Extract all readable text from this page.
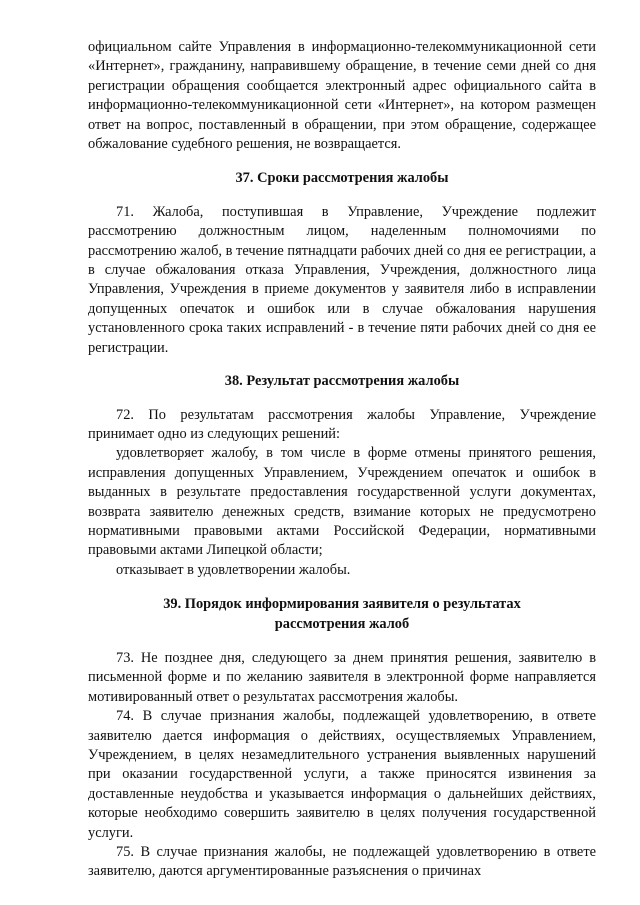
официальном сайте Управления в информационно-телекоммуникационной сети «Интернет», гражданину, направившему обращение, в течение семи дней со дня регистрации обращения сообщается электронный адрес официального сайта в информационно-телекоммуникационной сети «Интернет», на котором размещен ответ на вопрос, поставленный в обращении, при этом обращение, содержащее обжалование судебного решения, не возвращается.

37. Сроки рассмотрения жалобы

71. Жалоба, поступившая в Управление, Учреждение подлежит рассмотрению должностным лицом, наделенным полномочиями по рассмотрению жалоб, в течение пятнадцати рабочих дней со дня ее регистрации, а в случае обжалования отказа Управления, Учреждения, должностного лица Управления, Учреждения в приеме документов у заявителя либо в исправлении допущенных опечаток и ошибок или в случае обжалования нарушения установленного срока таких исправлений - в течение пяти рабочих дней со дня ее регистрации.

38. Результат рассмотрения жалобы

72. По результатам рассмотрения жалобы Управление, Учреждение принимает одно из следующих решений:

удовлетворяет жалобу, в том числе в форме отмены принятого решения, исправления допущенных Управлением, Учреждением опечаток и ошибок в выданных в результате предоставления государственной услуги документах, возврата заявителю денежных средств, взимание которых не предусмотрено нормативными правовыми актами Российской Федерации, нормативными правовыми актами Липецкой области;

отказывает в удовлетворении жалобы.

39. Порядок информирования заявителя о результатах
рассмотрения жалоб

73. Не позднее дня, следующего за днем принятия решения, заявителю в письменной форме и по желанию заявителя в электронной форме направляется мотивированный ответ о результатах рассмотрения жалобы.

74. В случае признания жалобы, подлежащей удовлетворению, в ответе заявителю дается информация о действиях, осуществляемых Управлением, Учреждением, в целях незамедлительного устранения выявленных нарушений при оказании государственной услуги, а также приносятся извинения за доставленные неудобства и указывается информация о дальнейших действиях, которые необходимо совершить заявителю в целях получения государственной услуги.

75. В случае признания жалобы, не подлежащей удовлетворению в ответе заявителю, даются аргументированные разъяснения о причинах
